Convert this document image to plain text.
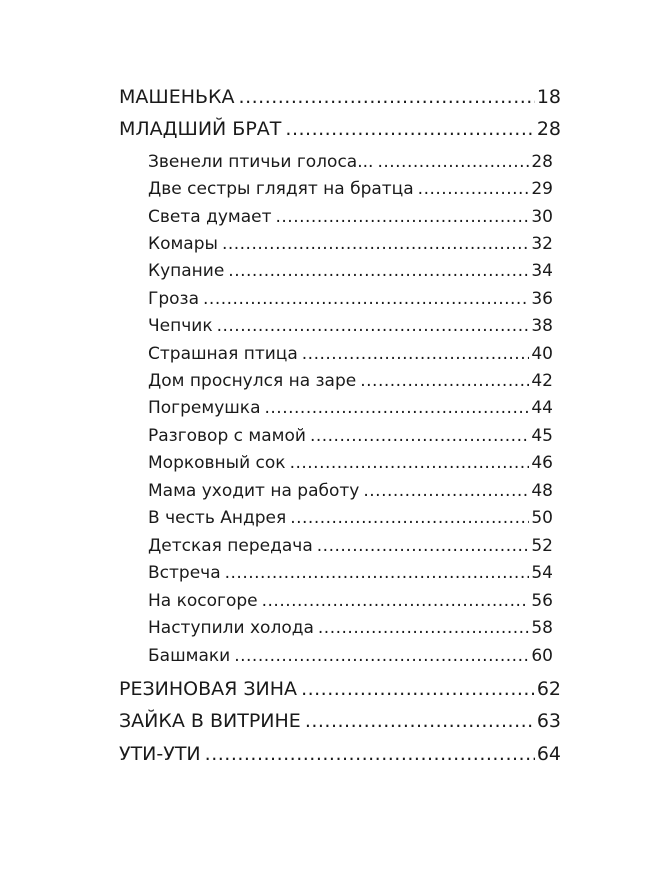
МАШЕНЬКА .....	18
МЛАДШИЙ БРАТ .....	28
Звенели птичьи голоса... .....	28
Две сестры глядят на братца .....	29
Света думает .....	30
Комары .....	32
Купание .....	34
Гроза .....	36
Чепчик .....	38
Страшная птица .....	40
Дом проснулся на заре .....	42
Погремушка .....	44
Разговор с мамой .....	45
Морковный сок .....	46
Мама уходит на работу .....	48
В честь Андрея .....	50
Детская передача .....	52
Встреча .....	54
На косогоре .....	56
Наступили холода .....	58
Башмаки .....	60
РЕЗИНОВАЯ ЗИНА .....	62
ЗАЙКА В ВИТРИНЕ .....	63
УТИ-УТИ .....	64
